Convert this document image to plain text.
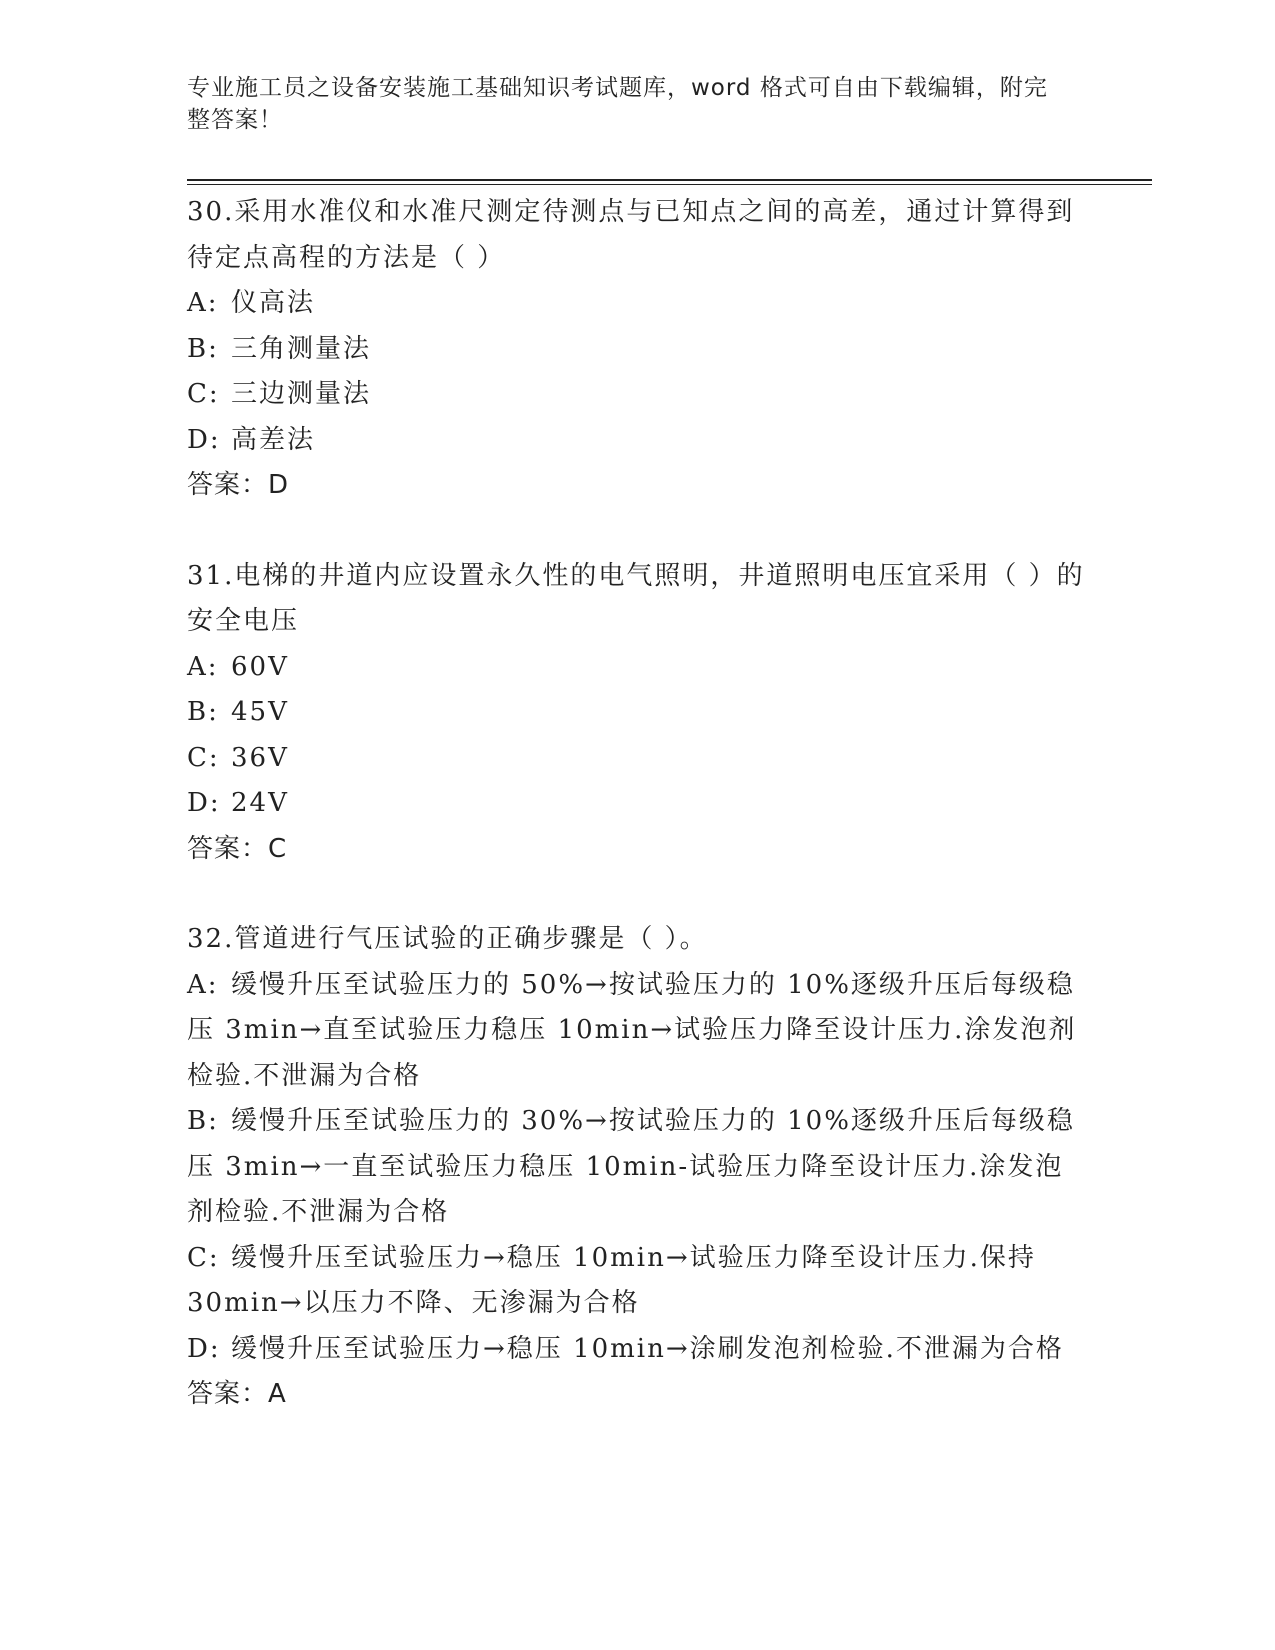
专业施工员之设备安装施工基础知识考试题库，word 格式可自由下载编辑，附完整答案！
30.采用水准仪和水准尺测定待测点与已知点之间的高差，通过计算得到待定点高程的方法是（ ）
A: 仪高法
B: 三角测量法
C: 三边测量法
D: 高差法
答案：D
31.电梯的井道内应设置永久性的电气照明，井道照明电压宜采用（ ）的安全电压
A: 60V
B: 45V
C: 36V
D: 24V
答案：C
32.管道进行气压试验的正确步骤是（ ）。
A: 缓慢升压至试验压力的 50%→按试验压力的 10%逐级升压后每级稳压 3min→直至试验压力稳压 10min→试验压力降至设计压力.涂发泡剂检验.不泄漏为合格
B: 缓慢升压至试验压力的 30%→按试验压力的 10%逐级升压后每级稳压 3min→一直至试验压力稳压 10min-试验压力降至设计压力.涂发泡剂检验.不泄漏为合格
C: 缓慢升压至试验压力→稳压 10min→试验压力降至设计压力.保持 30min→以压力不降、无渗漏为合格
D: 缓慢升压至试验压力→稳压 10min→涂刷发泡剂检验.不泄漏为合格
答案：A
